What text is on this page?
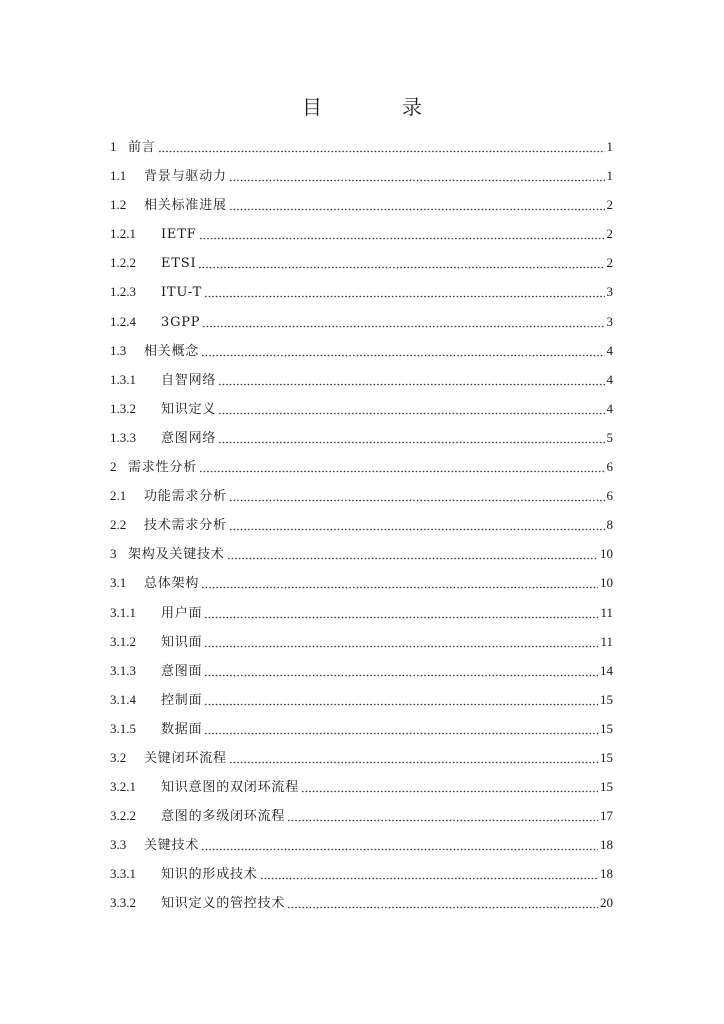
目　录
1 前言	1
1.1	背景与驱动力	1
1.2	相关标准进展	2
1.2.1	IETF	2
1.2.2	ETSI	2
1.2.3	ITU-T	3
1.2.4	3GPP	3
1.3	相关概念	4
1.3.1	自智网络	4
1.3.2	知识定义	4
1.3.3	意图网络	5
2 需求性分析	6
2.1	功能需求分析	6
2.2	技术需求分析	8
3 架构及关键技术	10
3.1	总体架构	10
3.1.1	用户面	11
3.1.2	知识面	11
3.1.3	意图面	14
3.1.4	控制面	15
3.1.5	数据面	15
3.2	关键闭环流程	15
3.2.1	知识意图的双闭环流程	15
3.2.2	意图的多级闭环流程	17
3.3	关键技术	18
3.3.1	知识的形成技术	18
3.3.2	知识定义的管控技术	20
